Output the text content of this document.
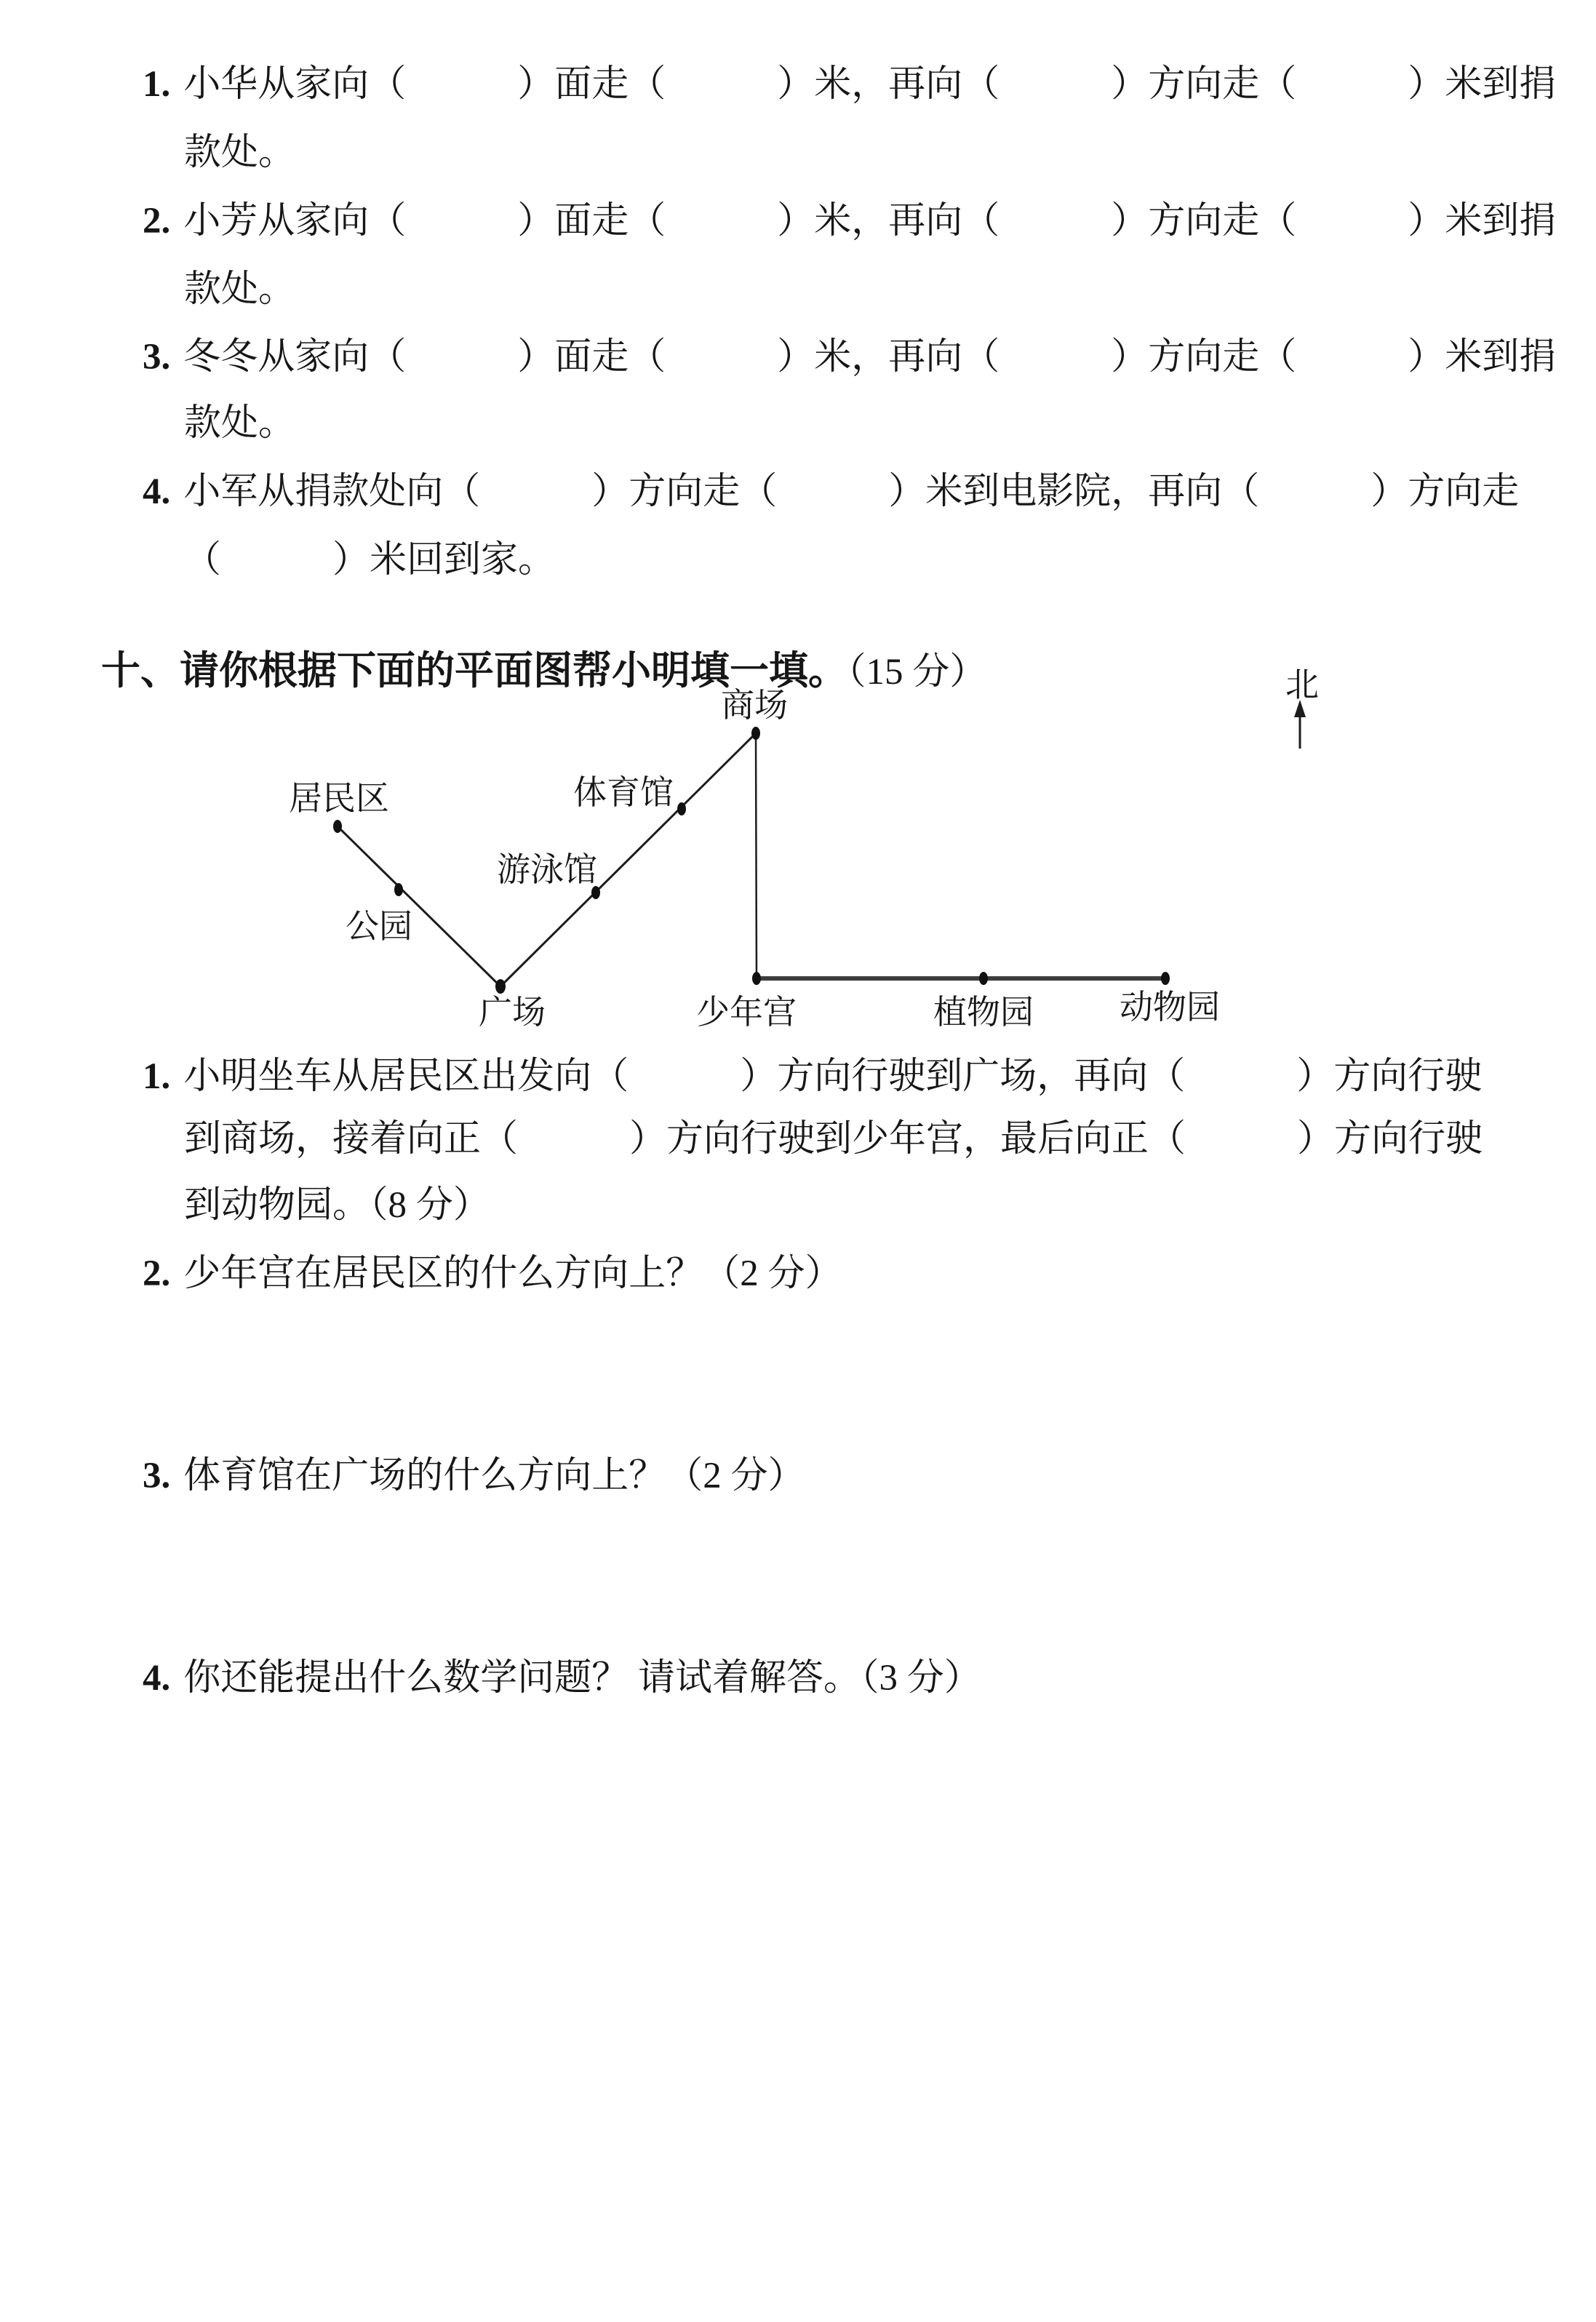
1. 小华从家向（　　　）面走（　　　）米，再向（　　　）方向走（　　　）米到捐
款处。
2. 小芳从家向（　　　）面走（　　　）米，再向（　　　）方向走（　　　）米到捐
款处。
3. 冬冬从家向（　　　）面走（　　　）米，再向（　　　）方向走（　　　）米到捐
款处。
4. 小军从捐款处向（　　　）方向走（　　　）米到电影院，再向（　　　）方向走
（　　　）米回到家。

十、请你根据下面的平面图帮小明填一填。（15 分）
	北
商场
居民区	体育馆
游泳馆
公园
广场	少年宫	植物园	动物园
1. 小明坐车从居民区出发向（　　　）方向行驶到广场，再向（　　　）方向行驶
到商场，接着向正（　　　）方向行驶到少年宫，最后向正（　　　）方向行驶
到动物园。（8 分）
2. 少年宫在居民区的什么方向上？（2 分）
3. 体育馆在广场的什么方向上？（2 分）
4. 你还能提出什么数学问题？ 请试着解答。（3 分）
